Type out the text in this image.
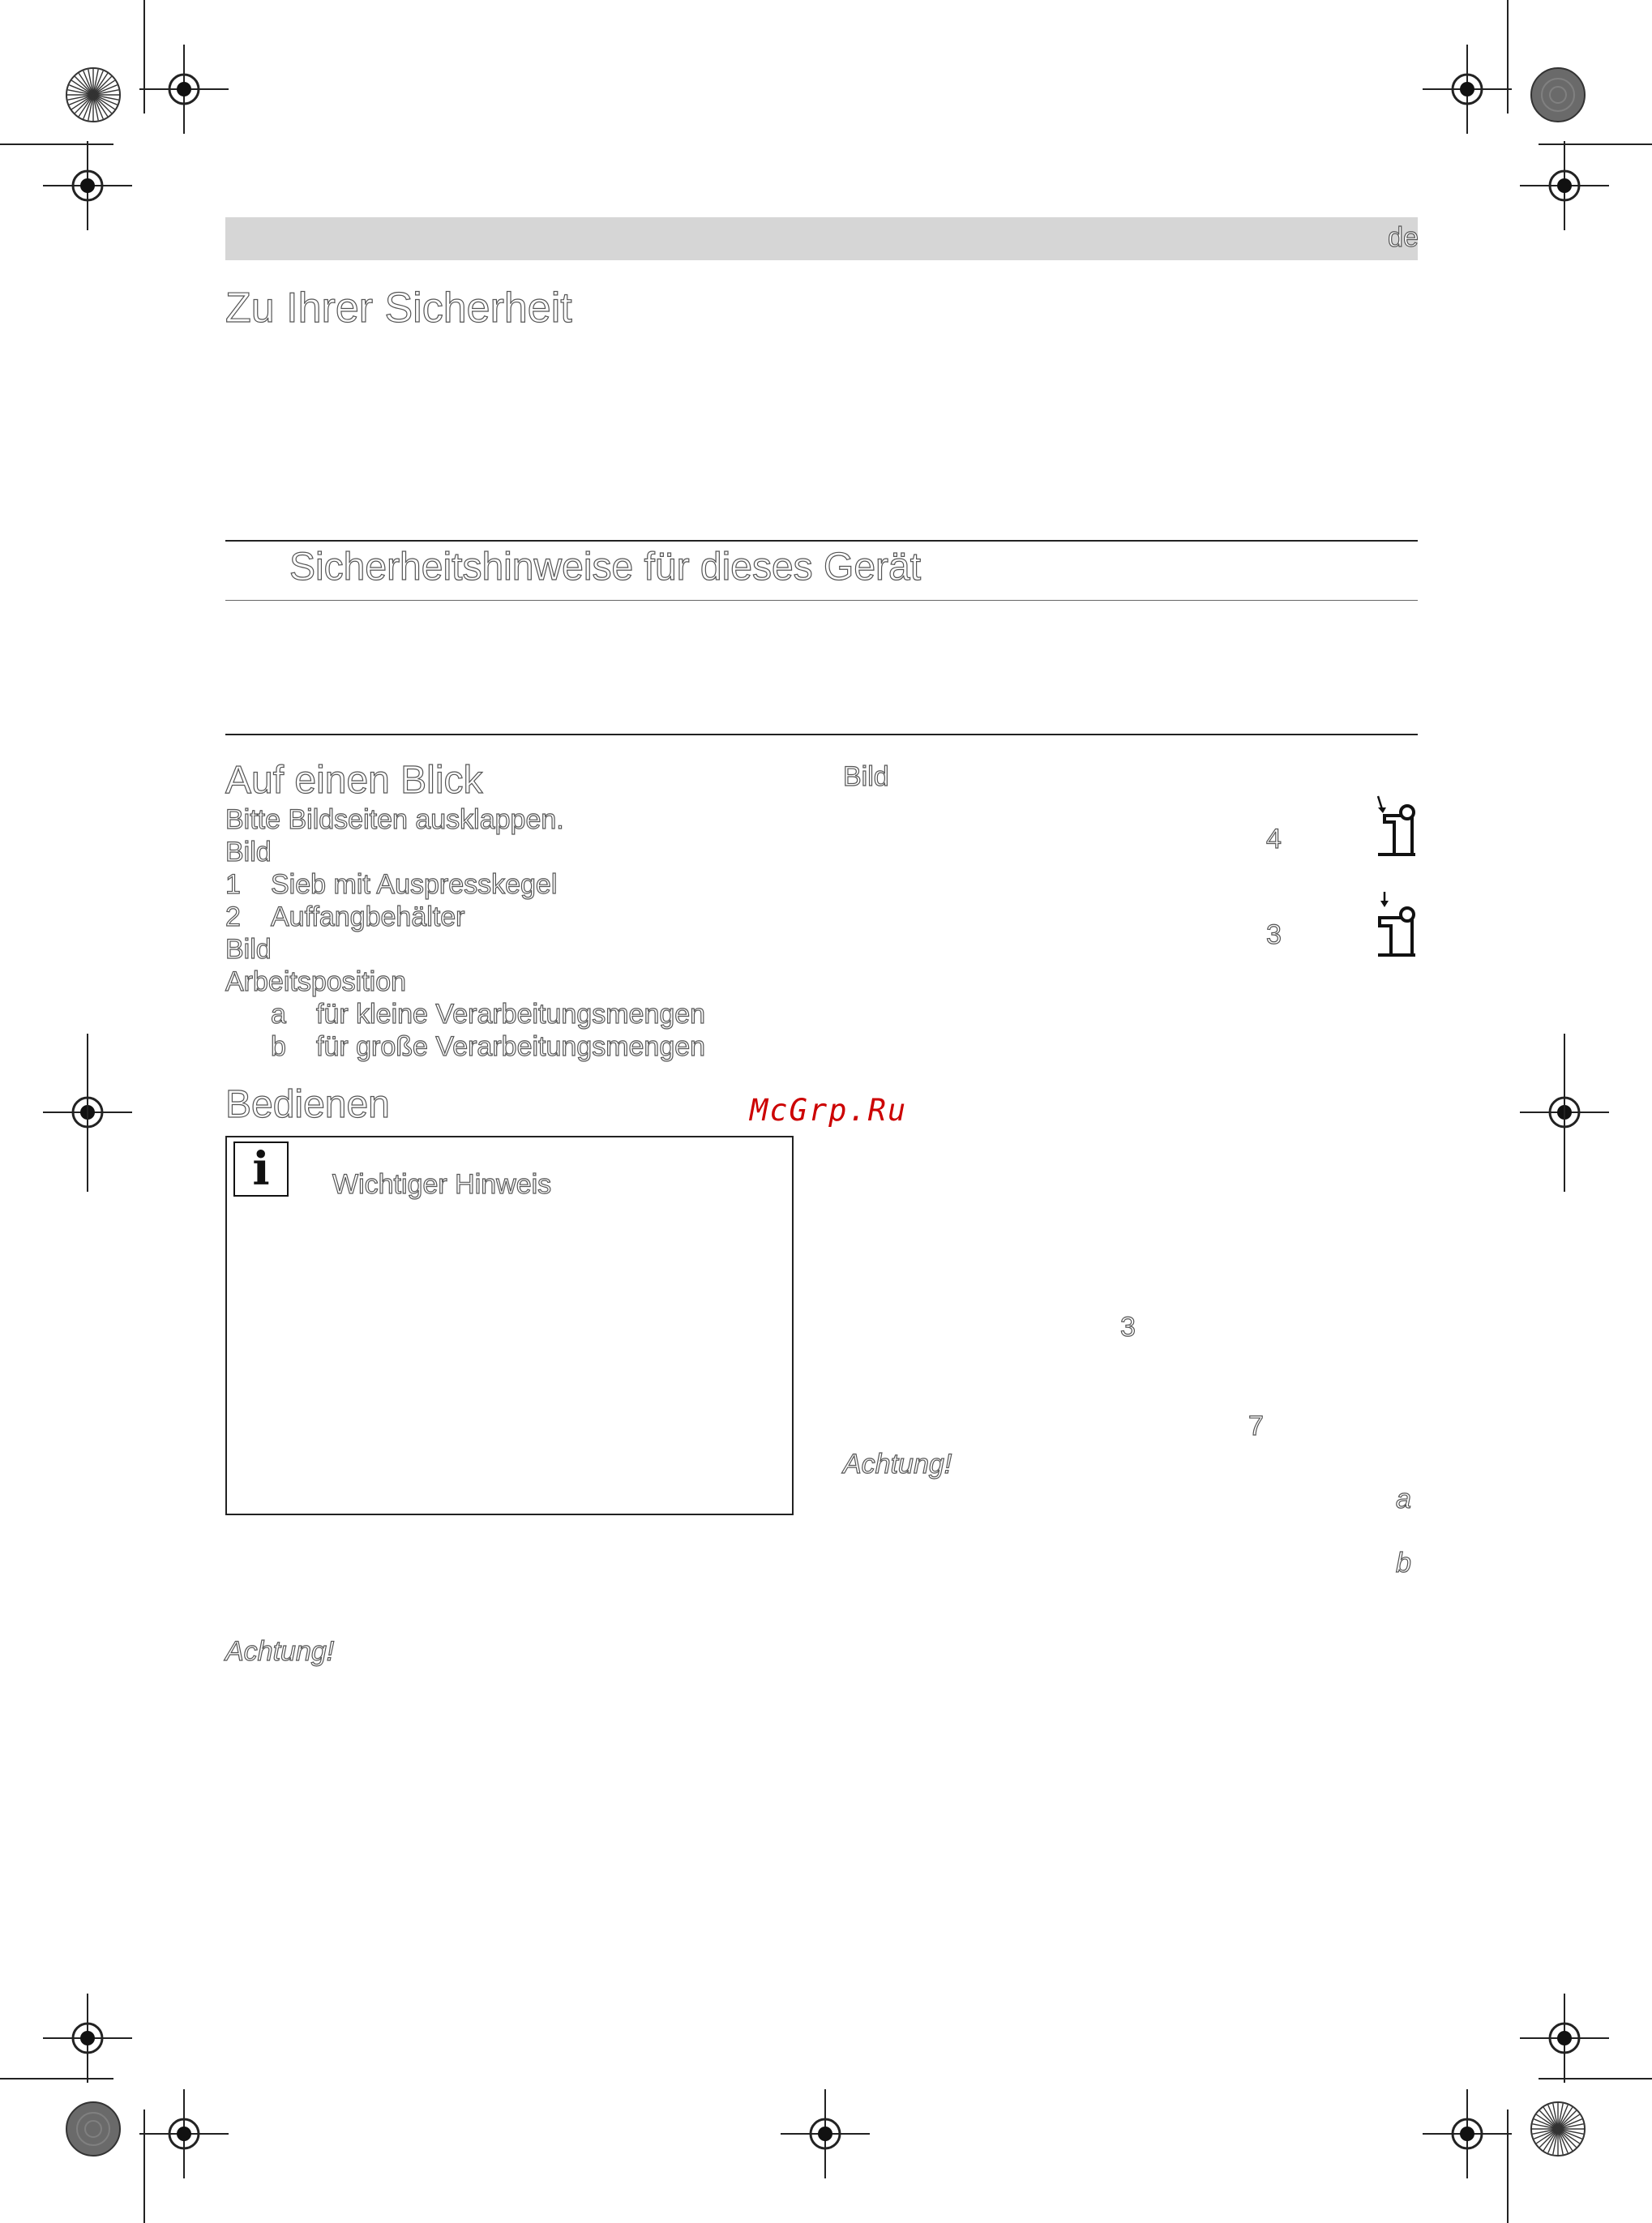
de
Zu Ihrer Sicherheit
Sicherheitshinweise für dieses Gerät
Auf einen Blick
Bitte Bildseiten ausklappen.
Bild
1 Sieb mit Auspresskegel
2 Auffangbehälter
Bild
Arbeitsposition
a für kleine Verarbeitungsmengen
b für große Verarbeitungsmengen
Bedienen
i	Wichtiger Hinweis
Achtung!
Bild
4
3
McGrp.Ru
3
7
Achtung!
a
b
